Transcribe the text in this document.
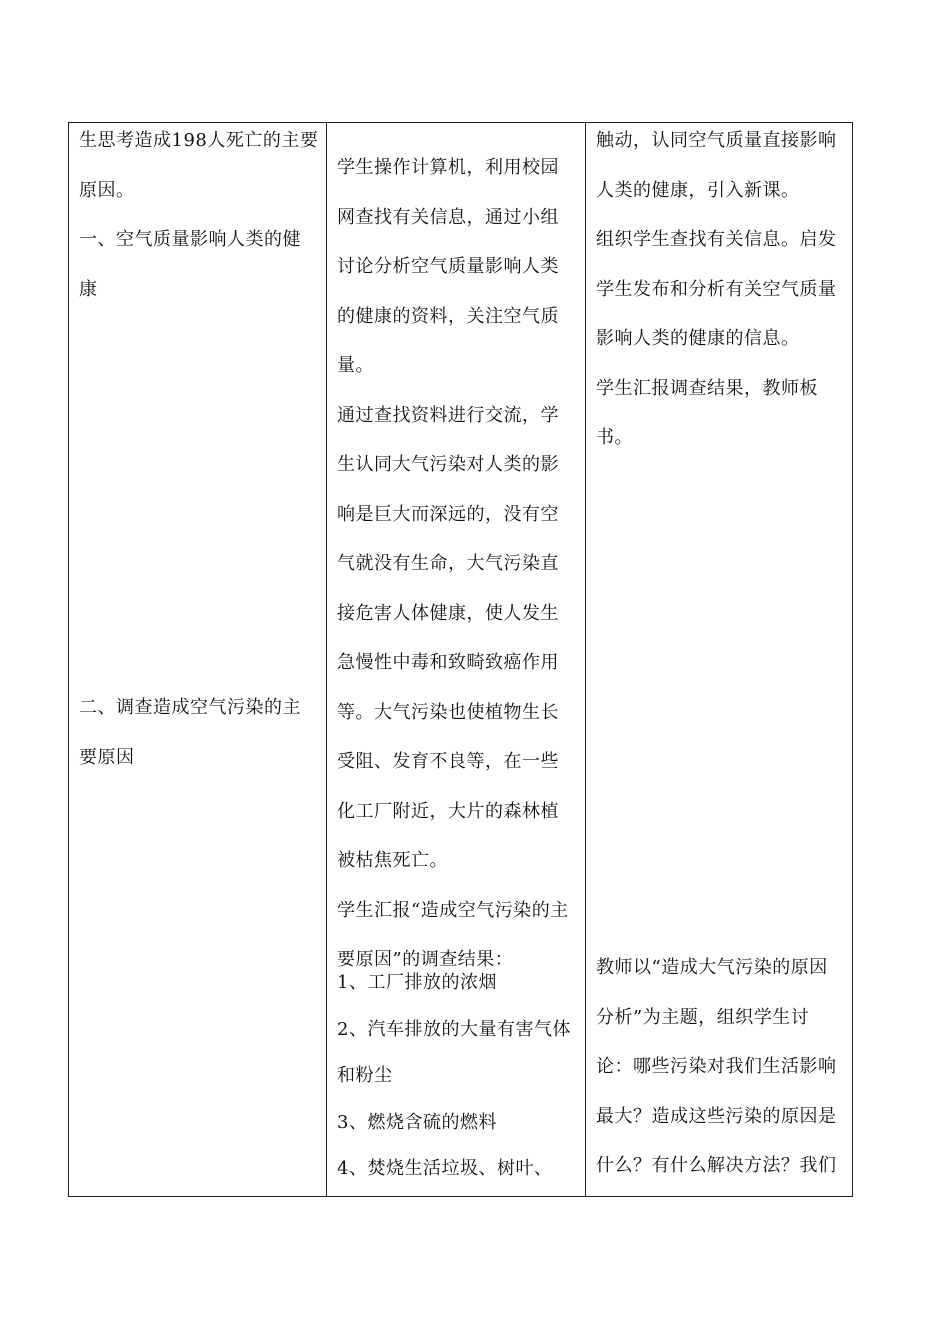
生思考造成198人死亡的主要原因。
一、空气质量影响人类的健康
二、调查造成空气污染的主要原因
学生操作计算机，利用校园网查找有关信息，通过小组讨论分析空气质量影响人类的健康的资料，关注空气质量。
通过查找资料进行交流，学生认同大气污染对人类的影响是巨大而深远的，没有空气就没有生命，大气污染直接危害人体健康，使人发生急慢性中毒和致畸致癌作用等。大气污染也使植物生长受阻、发育不良等，在一些化工厂附近，大片的森林植被枯焦死亡。
学生汇报“造成空气污染的主要原因”的调查结果：
1、工厂排放的浓烟
2、汽车排放的大量有害气体和粉尘
3、燃烧含硫的燃料
4、焚烧生活垃圾、树叶、
触动，认同空气质量直接影响人类的健康，引入新课。
组织学生查找有关信息。启发学生发布和分析有关空气质量影响人类的健康的信息。
学生汇报调查结果，教师板书。
教师以“造成大气污染的原因分析”为主题，组织学生讨论：哪些污染对我们生活影响最大？造成这些污染的原因是什么？有什么解决方法？我们
